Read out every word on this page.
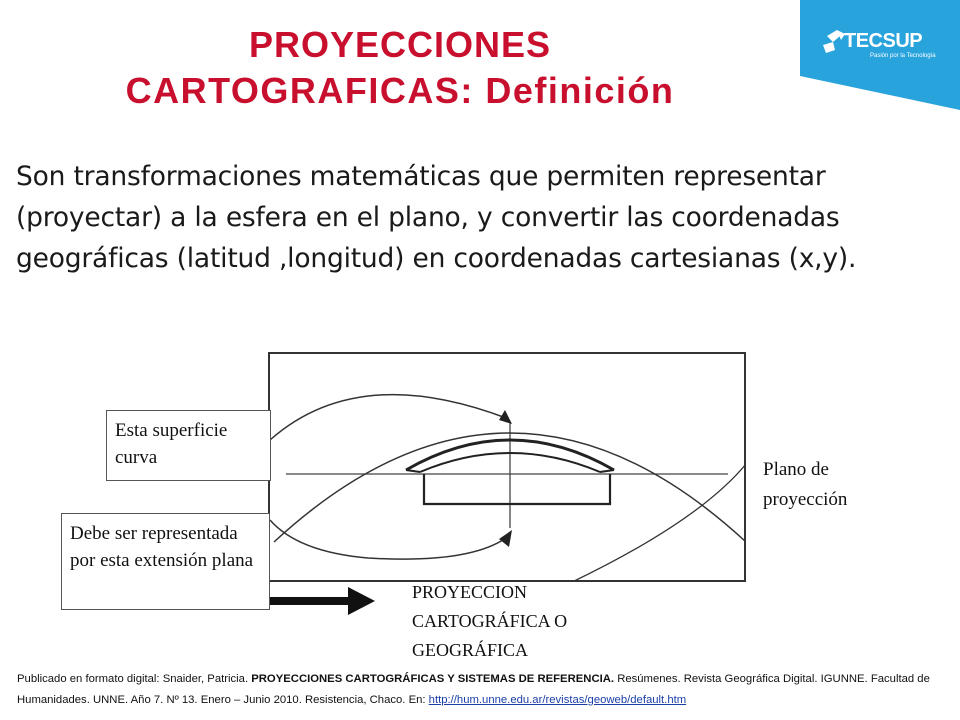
PROYECCIONES
CARTOGRAFICAS: Definición
TECSUP
Pasión por la Tecnología
Son transformaciones matemáticas que permiten representar (proyectar) a la esfera en el plano, y convertir las coordenadas geográficas (latitud ,longitud) en coordenadas cartesianas (x,y).
Esta superficie curva
Debe ser representada por esta extensión plana
Plano de proyección
PROYECCION CARTOGRÁFICA O GEOGRÁFICA
Publicado en formato digital: Snaider, Patricia. PROYECCIONES CARTOGRÁFICAS Y SISTEMAS DE REFERENCIA. Resúmenes. Revista Geográfica Digital. IGUNNE. Facultad de Humanidades. UNNE. Año 7. Nº 13. Enero – Junio 2010. Resistencia, Chaco. En: http://hum.unne.edu.ar/revistas/geoweb/default.htm
